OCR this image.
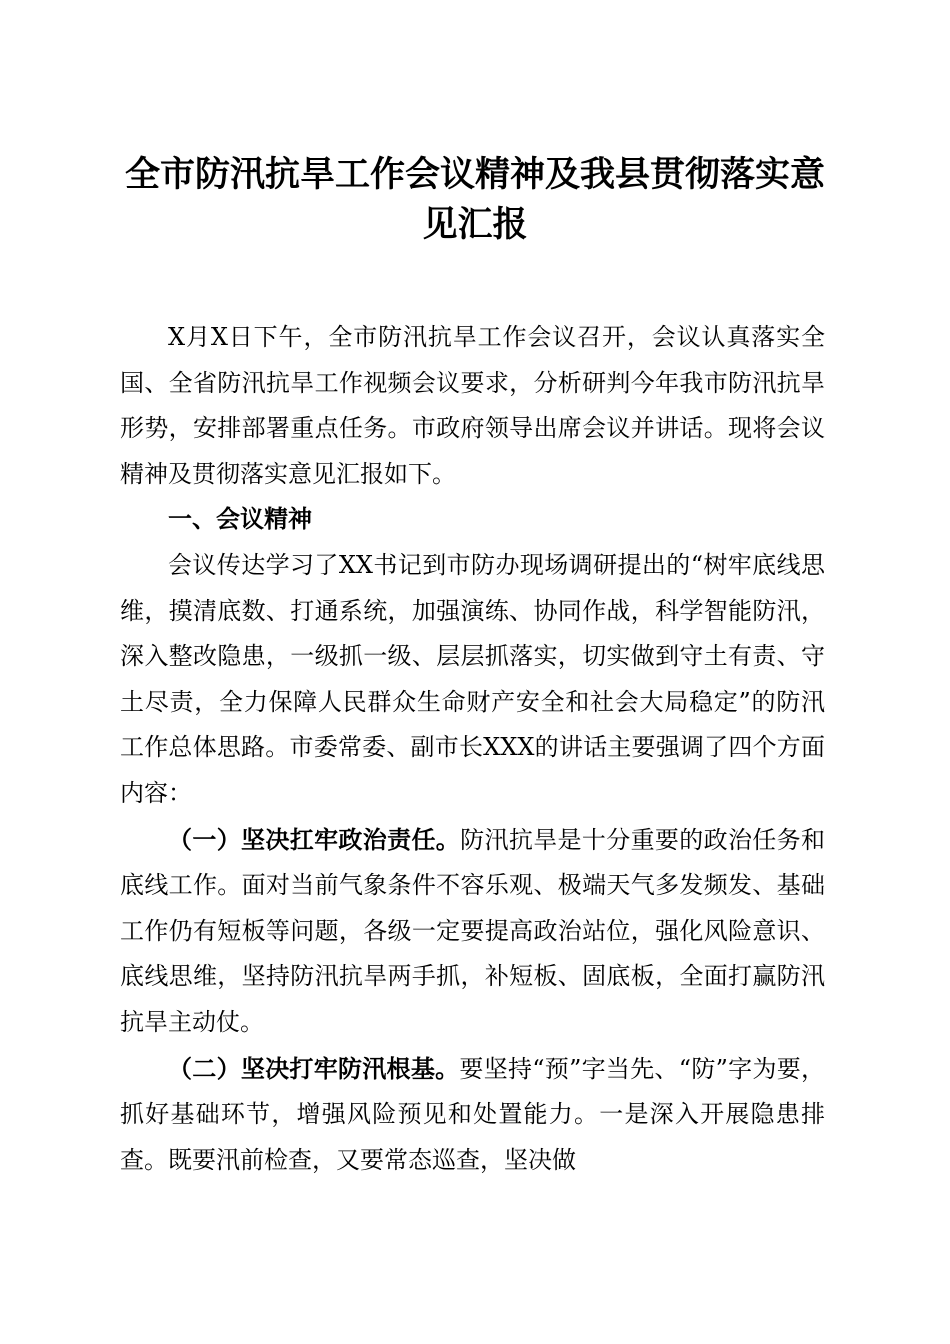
全市防汛抗旱工作会议精神及我县贯彻落实意见汇报

X月X日下午，全市防汛抗旱工作会议召开，会议认真落实全国、全省防汛抗旱工作视频会议要求，分析研判今年我市防汛抗旱形势，安排部署重点任务。市政府领导出席会议并讲话。现将会议精神及贯彻落实意见汇报如下。

一、会议精神

会议传达学习了XX书记到市防办现场调研提出的“树牢底线思维，摸清底数、打通系统，加强演练、协同作战，科学智能防汛，深入整改隐患，一级抓一级、层层抓落实，切实做到守土有责、守土尽责，全力保障人民群众生命财产安全和社会大局稳定”的防汛工作总体思路。市委常委、副市长XXX的讲话主要强调了四个方面内容：

（一）坚决扛牢政治责任。防汛抗旱是十分重要的政治任务和底线工作。面对当前气象条件不容乐观、极端天气多发频发、基础工作仍有短板等问题，各级一定要提高政治站位，强化风险意识、底线思维，坚持防汛抗旱两手抓，补短板、固底板，全面打赢防汛抗旱主动仗。

（二）坚决打牢防汛根基。要坚持“预”字当先、“防”字为要，抓好基础环节，增强风险预见和处置能力。一是深入开展隐患排查。既要汛前检查，又要常态巡查，坚决做
